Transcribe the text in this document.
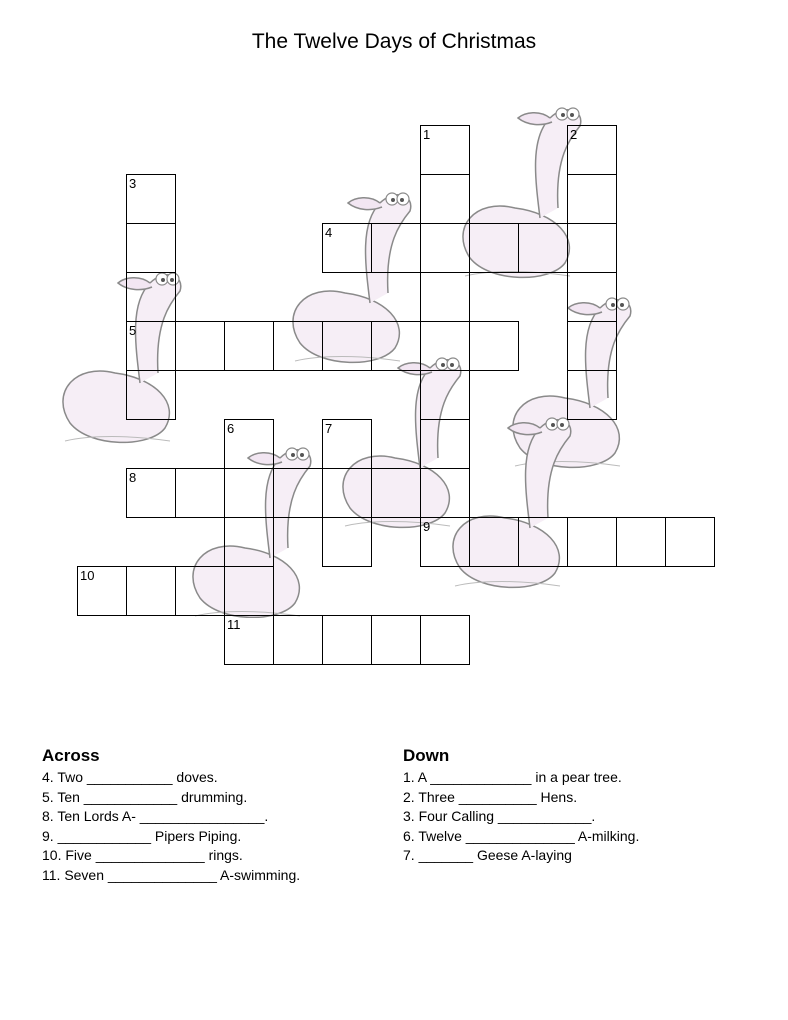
The Twelve Days of Christmas
1	2
3
4
5
6	7
8
9
10
11
Across
4. Two ___________ doves.
5. Ten ____________ drumming.
8. Ten Lords A- ________________.
9. ____________ Pipers Piping.
10. Five ______________ rings.
11. Seven ______________ A-swimming.
Down
1. A _____________ in a pear tree.
2. Three __________ Hens.
3. Four Calling ____________.
6. Twelve ______________ A-milking.
7. _______ Geese A-laying
